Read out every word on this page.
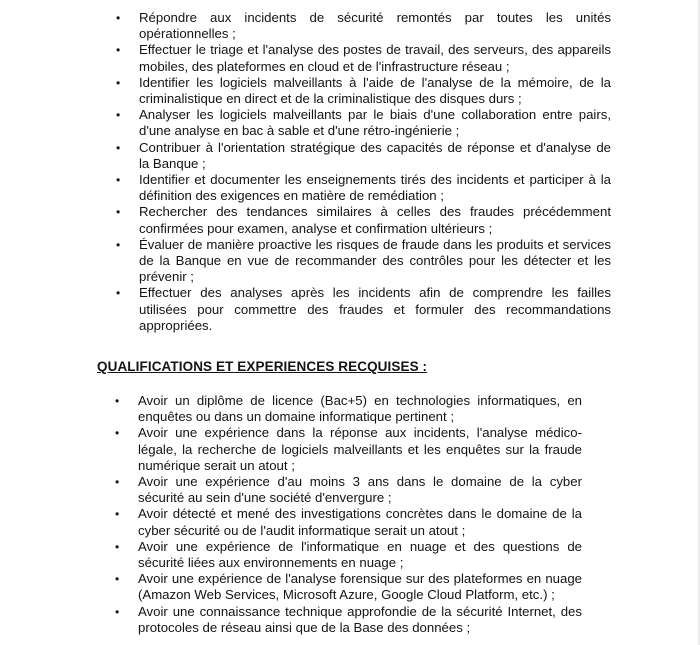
• Répondre aux incidents de sécurité remontés par toutes les unités opérationnelles ;
• Effectuer le triage et l'analyse des postes de travail, des serveurs, des appareils mobiles, des plateformes en cloud et de l'infrastructure réseau ;
• Identifier les logiciels malveillants à l'aide de l'analyse de la mémoire, de la criminalistique en direct et de la criminalistique des disques durs ;
• Analyser les logiciels malveillants par le biais d'une collaboration entre pairs, d'une analyse en bac à sable et d'une rétro-ingénierie ;
• Contribuer à l'orientation stratégique des capacités de réponse et d'analyse de la Banque ;
• Identifier et documenter les enseignements tirés des incidents et participer à la définition des exigences en matière de remédiation ;
• Rechercher des tendances similaires à celles des fraudes précédemment confirmées pour examen, analyse et confirmation ultérieurs ;
• Évaluer de manière proactive les risques de fraude dans les produits et services de la Banque en vue de recommander des contrôles pour les détecter et les prévenir ;
• Effectuer des analyses après les incidents afin de comprendre les failles utilisées pour commettre des fraudes et formuler des recommandations appropriées.
QUALIFICATIONS ET EXPERIENCES RECQUISES :
• Avoir un diplôme de licence (Bac+5) en technologies informatiques, en enquêtes ou dans un domaine informatique pertinent ;
• Avoir une expérience dans la réponse aux incidents, l'analyse médico-légale, la recherche de logiciels malveillants et les enquêtes sur la fraude numérique serait un atout ;
• Avoir une expérience d'au moins 3 ans dans le domaine de la cyber sécurité au sein d'une société d'envergure ;
• Avoir détecté et mené des investigations concrètes dans le domaine de la cyber sécurité ou de l'audit informatique serait un atout ;
• Avoir une expérience de l'informatique en nuage et des questions de sécurité liées aux environnements en nuage ;
• Avoir une expérience de l'analyse forensique sur des plateformes en nuage (Amazon Web Services, Microsoft Azure, Google Cloud Platform, etc.) ;
• Avoir une connaissance technique approfondie de la sécurité Internet, des protocoles de réseau ainsi que de la Base des données ;
